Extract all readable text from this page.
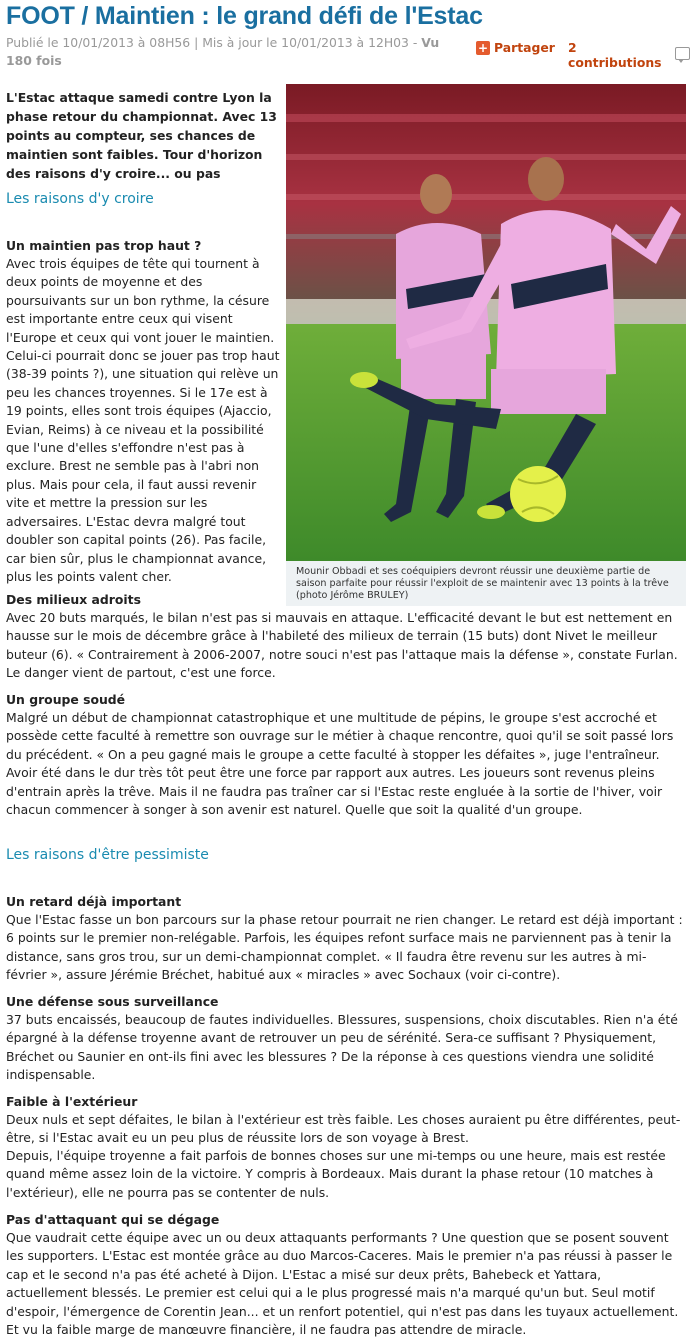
FOOT / Maintien : le grand défi de l'Estac
Publié le 10/01/2013 à 08H56 | Mis à jour le 10/01/2013 à 12H03 - Vu 180 fois
+ Partager 2 contributions
L'Estac attaque samedi contre Lyon la phase retour du championnat. Avec 13 points au compteur, ses chances de maintien sont faibles. Tour d'horizon des raisons d'y croire... ou pas
Mounir Obbadi et ses coéquipiers devront réussir une deuxième partie de saison parfaite pour réussir l'exploit de se maintenir avec 13 points à la trêve (photo Jérôme BRULEY)
Les raisons d'y croire
Un maintien pas trop haut ?
Avec trois équipes de tête qui tournent à deux points de moyenne et des poursuivants sur un bon rythme, la césure est importante entre ceux qui visent l'Europe et ceux qui vont jouer le maintien. Celui-ci pourrait donc se jouer pas trop haut (38-39 points ?), une situation qui relève un peu les chances troyennes. Si le 17e est à 19 points, elles sont trois équipes (Ajaccio, Evian, Reims) à ce niveau et la possibilité que l'une d'elles s'effondre n'est pas à exclure. Brest ne semble pas à l'abri non plus. Mais pour cela, il faut aussi revenir vite et mettre la pression sur les adversaires. L'Estac devra malgré tout doubler son capital points (26). Pas facile, car bien sûr, plus le championnat avance, plus les points valent cher.
Des milieux adroits
Avec 20 buts marqués, le bilan n'est pas si mauvais en attaque. L'efficacité devant le but est nettement en hausse sur le mois de décembre grâce à l'habileté des milieux de terrain (15 buts) dont Nivet le meilleur buteur (6). « Contrairement à 2006-2007, notre souci n'est pas l'attaque mais la défense », constate Furlan. Le danger vient de partout, c'est une force.
Un groupe soudé
Malgré un début de championnat catastrophique et une multitude de pépins, le groupe s'est accroché et possède cette faculté à remettre son ouvrage sur le métier à chaque rencontre, quoi qu'il se soit passé lors du précédent. « On a peu gagné mais le groupe a cette faculté à stopper les défaites », juge l'entraîneur. Avoir été dans le dur très tôt peut être une force par rapport aux autres. Les joueurs sont revenus pleins d'entrain après la trêve. Mais il ne faudra pas traîner car si l'Estac reste engluée à la sortie de l'hiver, voir chacun commencer à songer à son avenir est naturel. Quelle que soit la qualité d'un groupe.
Les raisons d'être pessimiste
Un retard déjà important
Que l'Estac fasse un bon parcours sur la phase retour pourrait ne rien changer. Le retard est déjà important : 6 points sur le premier non-relégable. Parfois, les équipes refont surface mais ne parviennent pas à tenir la distance, sans gros trou, sur un demi-championnat complet. « Il faudra être revenu sur les autres à mi-février », assure Jérémie Bréchet, habitué aux « miracles » avec Sochaux (voir ci-contre).
Une défense sous surveillance
37 buts encaissés, beaucoup de fautes individuelles. Blessures, suspensions, choix discutables. Rien n'a été épargné à la défense troyenne avant de retrouver un peu de sérénité. Sera-ce suffisant ? Physiquement, Bréchet ou Saunier en ont-ils fini avec les blessures ? De la réponse à ces questions viendra une solidité indispensable.
Faible à l'extérieur
Deux nuls et sept défaites, le bilan à l'extérieur est très faible. Les choses auraient pu être différentes, peut-être, si l'Estac avait eu un peu plus de réussite lors de son voyage à Brest.
Depuis, l'équipe troyenne a fait parfois de bonnes choses sur une mi-temps ou une heure, mais est restée quand même assez loin de la victoire. Y compris à Bordeaux. Mais durant la phase retour (10 matches à l'extérieur), elle ne pourra pas se contenter de nuls.
Pas d'attaquant qui se dégage
Que vaudrait cette équipe avec un ou deux attaquants performants ? Une question que se posent souvent les supporters. L'Estac est montée grâce au duo Marcos-Caceres. Mais le premier n'a pas réussi à passer le cap et le second n'a pas été acheté à Dijon. L'Estac a misé sur deux prêts, Bahebeck et Yattara, actuellement blessés. Le premier est celui qui a le plus progressé mais n'a marqué qu'un but. Seul motif d'espoir, l'émergence de Corentin Jean... et un renfort potentiel, qui n'est pas dans les tuyaux actuellement. Et vu la faible marge de manœuvre financière, il ne faudra pas attendre de miracle.
